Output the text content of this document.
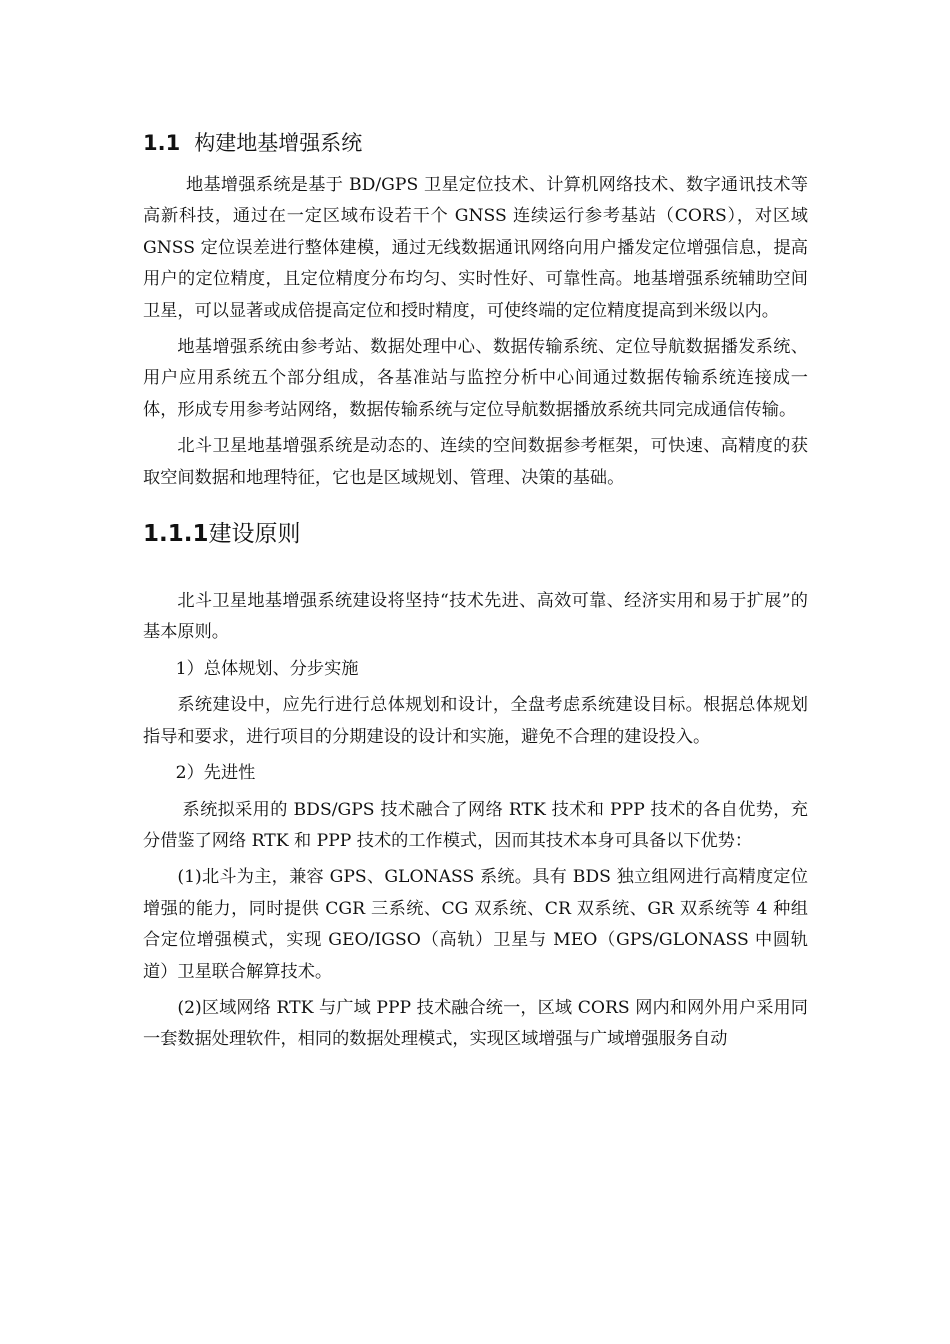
1.1 构建地基增强系统

地基增强系统是基于 BD/GPS 卫星定位技术、计算机网络技术、数字通讯技术等高新科技，通过在一定区域布设若干个 GNSS 连续运行参考基站（CORS），对区域 GNSS 定位误差进行整体建模，通过无线数据通讯网络向用户播发定位增强信息，提高用户的定位精度，且定位精度分布均匀、实时性好、可靠性高。地基增强系统辅助空间卫星，可以显著或成倍提高定位和授时精度，可使终端的定位精度提高到米级以内。

地基增强系统由参考站、数据处理中心、数据传输系统、定位导航数据播发系统、用户应用系统五个部分组成，各基准站与监控分析中心间通过数据传输系统连接成一体，形成专用参考站网络，数据传输系统与定位导航数据播放系统共同完成通信传输。

北斗卫星地基增强系统是动态的、连续的空间数据参考框架，可快速、高精度的获取空间数据和地理特征，它也是区域规划、管理、决策的基础。

1.1.1建设原则

北斗卫星地基增强系统建设将坚持“技术先进、高效可靠、经济实用和易于扩展”的基本原则。

1）总体规划、分步实施

系统建设中，应先行进行总体规划和设计，全盘考虑系统建设目标。根据总体规划指导和要求，进行项目的分期建设的设计和实施，避免不合理的建设投入。

2）先进性

系统拟采用的 BDS/GPS 技术融合了网络 RTK 技术和 PPP 技术的各自优势，充分借鉴了网络 RTK 和 PPP 技术的工作模式，因而其技术本身可具备以下优势：

(1)北斗为主，兼容 GPS、GLONASS 系统。具有 BDS 独立组网进行高精度定位增强的能力，同时提供 CGR 三系统、CG 双系统、CR 双系统、GR 双系统等 4 种组合定位增强模式，实现 GEO/IGSO（高轨）卫星与 MEO（GPS/GLONASS 中圆轨道）卫星联合解算技术。

(2)区域网络 RTK 与广域 PPP 技术融合统一，区域 CORS 网内和网外用户采用同一套数据处理软件，相同的数据处理模式，实现区域增强与广域增强服务自动
